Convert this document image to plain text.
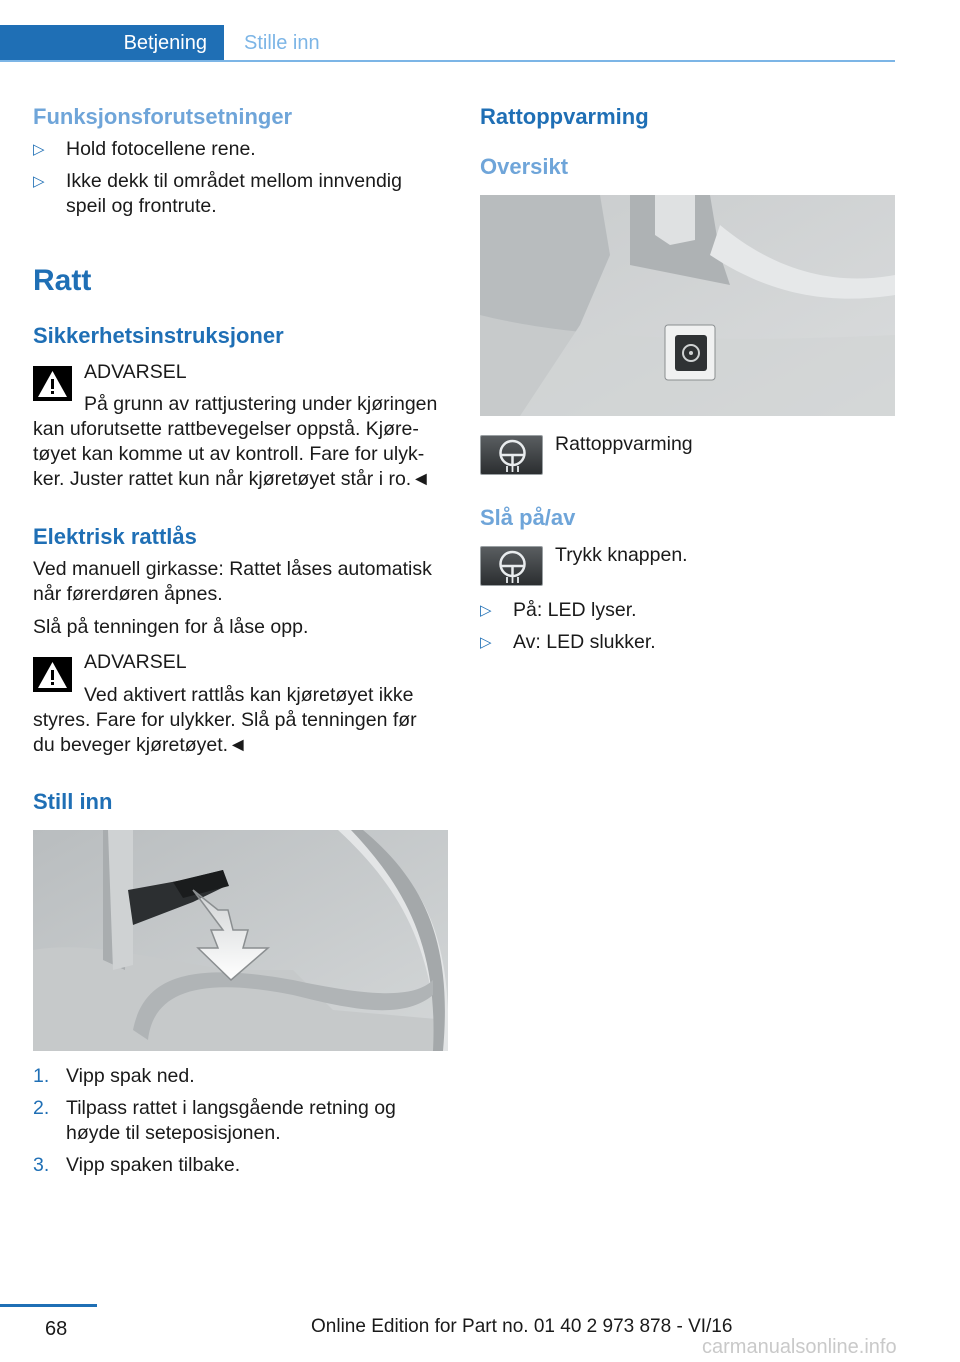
Betjening	Stille inn
Funksjonsforutsetninger
▷	Hold fotocellene rene.
▷	Ikke dekk til området mellom innvendig
speil og frontrute.
Ratt
Sikkerhetsinstruksjoner
ADVARSEL
På grunn av rattjustering under kjøringen
kan uforutsette rattbevegelser oppstå. Kjøre-
tøyet kan komme ut av kontroll. Fare for ulyk-
ker. Juster rattet kun når kjøretøyet står i ro.◄
Elektrisk rattlås
Ved manuell girkasse: Rattet låses automatisk
når førerdøren åpnes.
Slå på tenningen for å låse opp.
ADVARSEL
Ved aktivert rattlås kan kjøretøyet ikke
styres. Fare for ulykker. Slå på tenningen før
du beveger kjøretøyet.◄
Still inn
1. Vipp spak ned.
2. Tilpass rattet i langsgående retning og
høyde til seteposisjonen.
3. Vipp spaken tilbake.
Rattoppvarming
Oversikt
Rattoppvarming
Slå på/av
Trykk knappen.
▷	På: LED lyser.
▷	Av: LED slukker.
68	Online Edition for Part no. 01 40 2 973 878 - VI/16
carmanualsonline.info
